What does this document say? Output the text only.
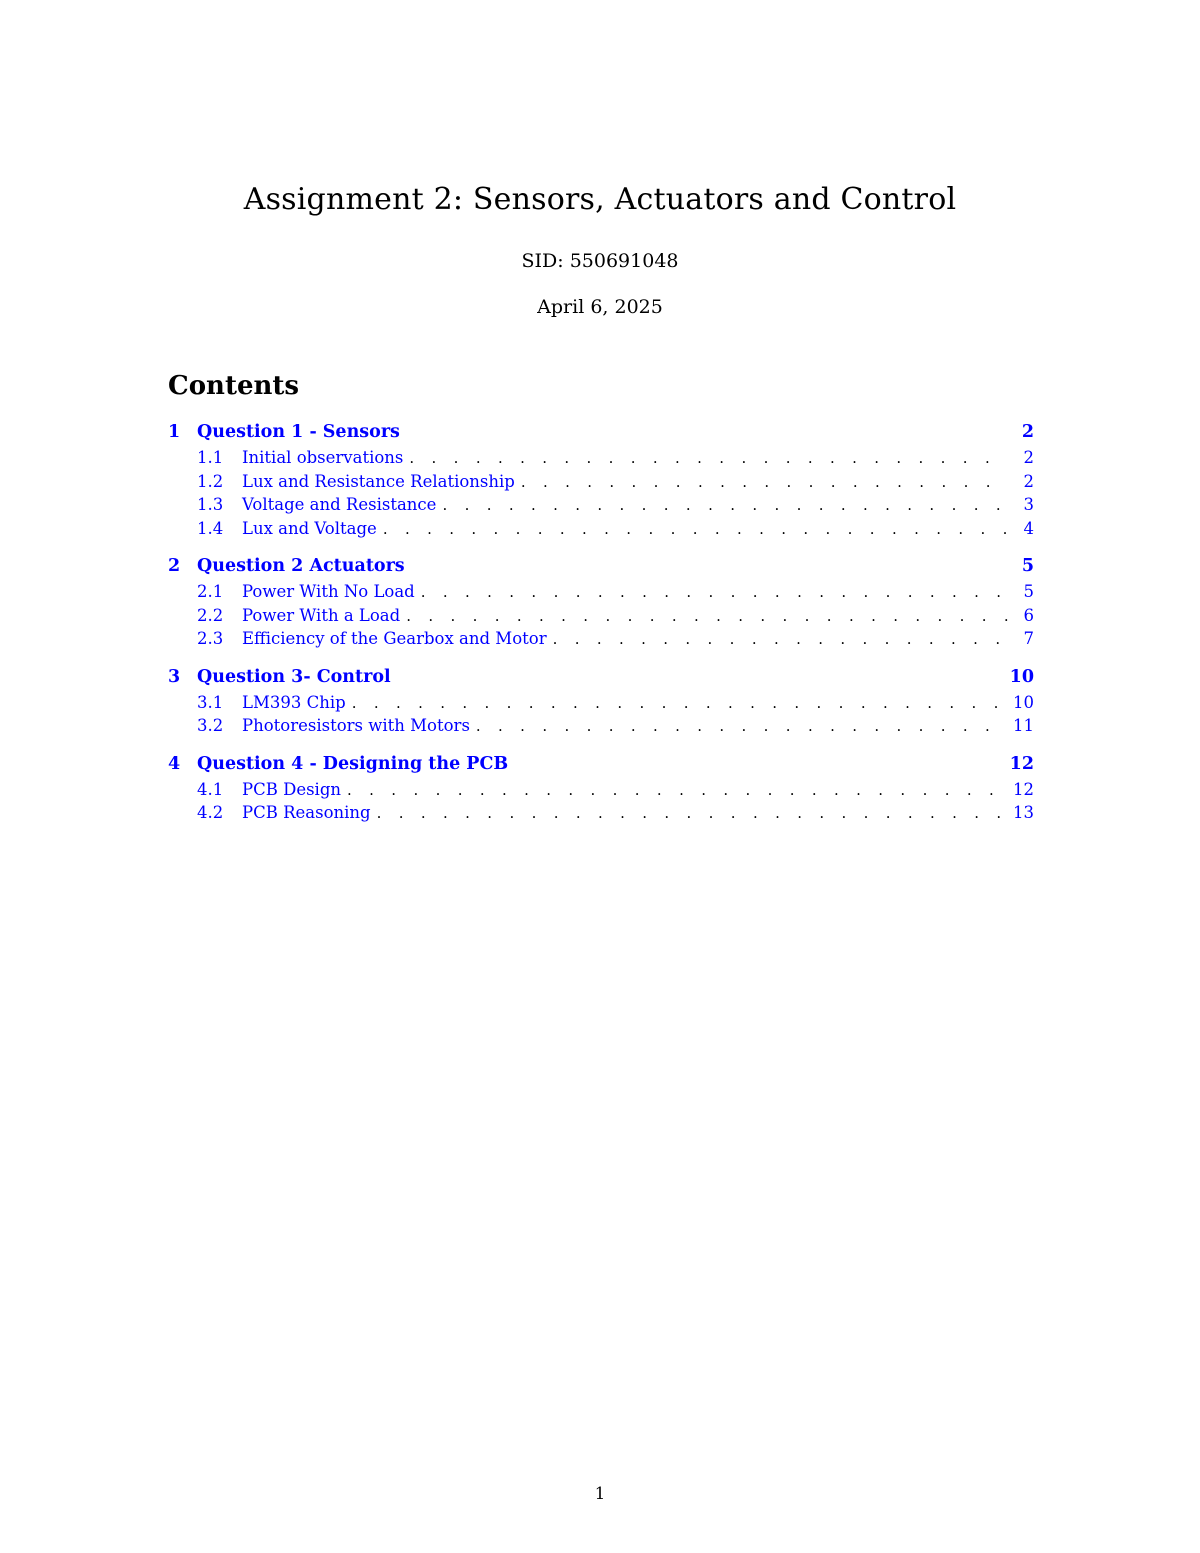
Assignment 2: Sensors, Actuators and Control
SID: 550691048
April 6, 2025
Contents
1 Question 1 - Sensors	2
1.1	Initial observations . . .	2
1.2	Lux and Resistance Relationship . . .	2
1.3	Voltage and Resistance . . .	3
1.4	Lux and Voltage . . .	4
2 Question 2 Actuators	5
2.1	Power With No Load . . .	5
2.2	Power With a Load . . .	6
2.3	Efficiency of the Gearbox and Motor . . .	7
3 Question 3- Control	10
3.1	LM393 Chip . . .	10
3.2	Photoresistors with Motors . . .	11
4 Question 4 - Designing the PCB	12
4.1	PCB Design . . .	12
4.2	PCB Reasoning . . .	13
1
